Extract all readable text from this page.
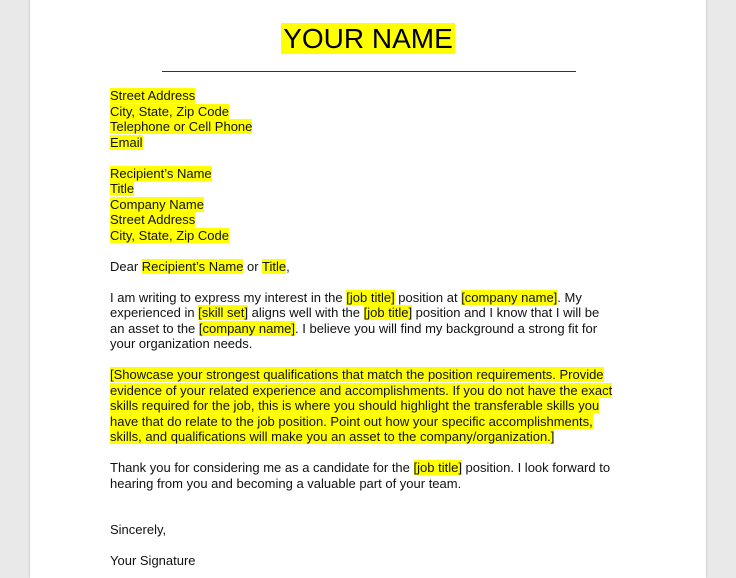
YOUR NAME
Street Address
City, State, Zip Code
Telephone or Cell Phone
Email
Recipient’s Name
Title
Company Name
Street Address
City, State, Zip Code
Dear Recipient’s Name or Title,
I am writing to express my interest in the [job title] position at [company name]. My
experienced in [skill set] aligns well with the [job title] position and I know that I will be
an asset to the [company name]. I believe you will find my background a strong fit for
your organization needs.
[Showcase your strongest qualifications that match the position requirements. Provide
evidence of your related experience and accomplishments. If you do not have the exact
skills required for the job, this is where you should highlight the transferable skills you
have that do relate to the job position. Point out how your specific accomplishments,
skills, and qualifications will make you an asset to the company/organization.]
Thank you for considering me as a candidate for the [job title] position. I look forward to
hearing from you and becoming a valuable part of your team.
Sincerely,
Your Signature
